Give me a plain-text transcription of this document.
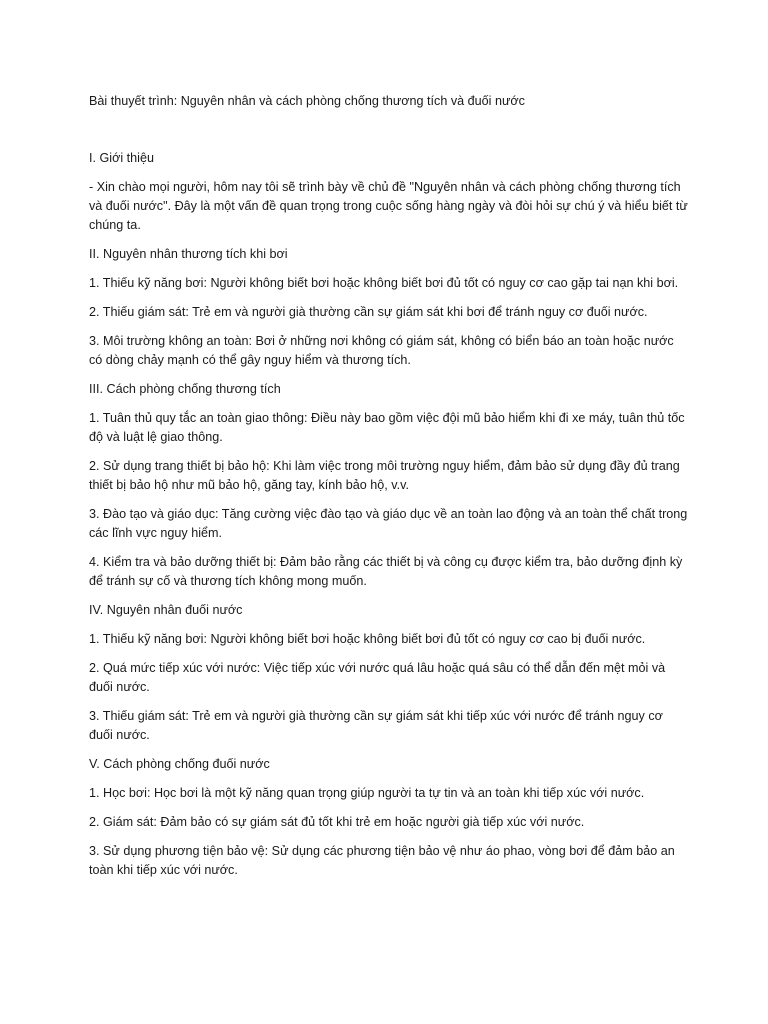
Bài thuyết trình: Nguyên nhân và cách phòng chống thương tích và đuối nước
I. Giới thiệu
- Xin chào mọi người, hôm nay tôi sẽ trình bày về chủ đề "Nguyên nhân và cách phòng chống thương tích và đuối nước". Đây là một vấn đề quan trọng trong cuộc sống hàng ngày và đòi hỏi sự chú ý và hiểu biết từ chúng ta.
II. Nguyên nhân thương tích khi bơi
1. Thiếu kỹ năng bơi: Người không biết bơi hoặc không biết bơi đủ tốt có nguy cơ cao gặp tai nạn khi bơi.
2. Thiếu giám sát: Trẻ em và người già thường cần sự giám sát khi bơi để tránh nguy cơ đuối nước.
3. Môi trường không an toàn: Bơi ở những nơi không có giám sát, không có biển báo an toàn hoặc nước có dòng chảy mạnh có thể gây nguy hiểm và thương tích.
III. Cách phòng chống thương tích
1. Tuân thủ quy tắc an toàn giao thông: Điều này bao gồm việc đội mũ bảo hiểm khi đi xe máy, tuân thủ tốc độ và luật lệ giao thông.
2. Sử dụng trang thiết bị bảo hộ: Khi làm việc trong môi trường nguy hiểm, đảm bảo sử dụng đầy đủ trang thiết bị bảo hộ như mũ bảo hộ, găng tay, kính bảo hộ, v.v.
3. Đào tạo và giáo dục: Tăng cường việc đào tạo và giáo dục về an toàn lao động và an toàn thể chất trong các lĩnh vực nguy hiểm.
4. Kiểm tra và bảo dưỡng thiết bị: Đảm bảo rằng các thiết bị và công cụ được kiểm tra, bảo dưỡng định kỳ để tránh sự cố và thương tích không mong muốn.
IV. Nguyên nhân đuối nước
1. Thiếu kỹ năng bơi: Người không biết bơi hoặc không biết bơi đủ tốt có nguy cơ cao bị đuối nước.
2. Quá mức tiếp xúc với nước: Việc tiếp xúc với nước quá lâu hoặc quá sâu có thể dẫn đến mệt mỏi và đuối nước.
3. Thiếu giám sát: Trẻ em và người già thường cần sự giám sát khi tiếp xúc với nước để tránh nguy cơ đuối nước.
V. Cách phòng chống đuối nước
1. Học bơi: Học bơi là một kỹ năng quan trọng giúp người ta tự tin và an toàn khi tiếp xúc với nước.
2. Giám sát: Đảm bảo có sự giám sát đủ tốt khi trẻ em hoặc người già tiếp xúc với nước.
3. Sử dụng phương tiện bảo vệ: Sử dụng các phương tiện bảo vệ như áo phao, vòng bơi để đảm bảo an toàn khi tiếp xúc với nước.
